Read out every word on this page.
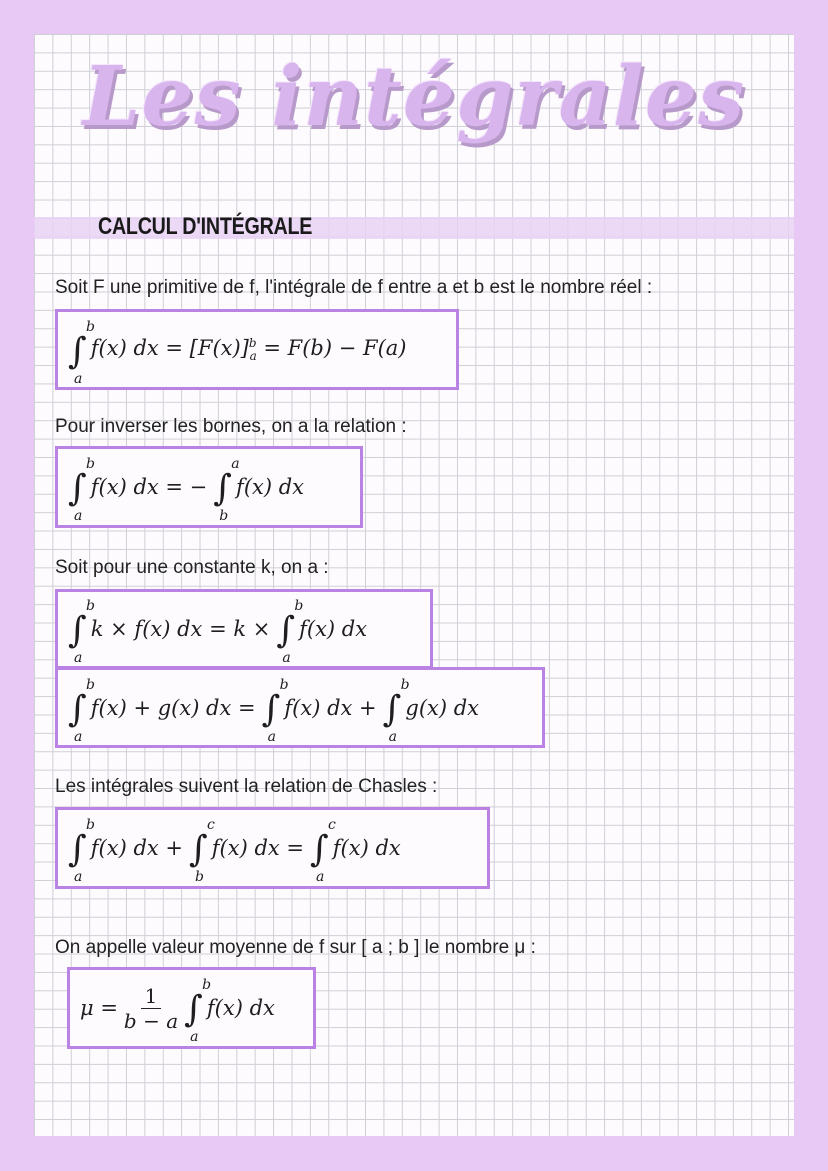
Les intégrales
CALCUL D'INTÉGRALE
Soit F une primitive de f, l'intégrale de f entre a et b est le nombre réel :
∫
b
a
f(x) dx = $[F(x)]^b_a = F(b) - F(a)$
Pour inverser les bornes, on a la relation :
∫
b
a
f(x) dx = − ∫
a
b
f(x) dx
Soit pour une constante k, on a :
∫
b
a
k × f(x) dx = k × ∫
b
a
f(x) dx
∫
b
a
f(x) + g(x) dx = ∫
b
a
f(x) dx + ∫
b
a
g(x) dx
Les intégrales suivent la relation de Chasles :
∫
b
a
f(x) dx + ∫
c
b
f(x) dx = ∫
c
a
f(x) dx
On appelle valeur moyenne de f sur [ a ; b ] le nombre μ :
$\mu = \frac{1}{b - a}$ ∫
b
a
f(x) dx
